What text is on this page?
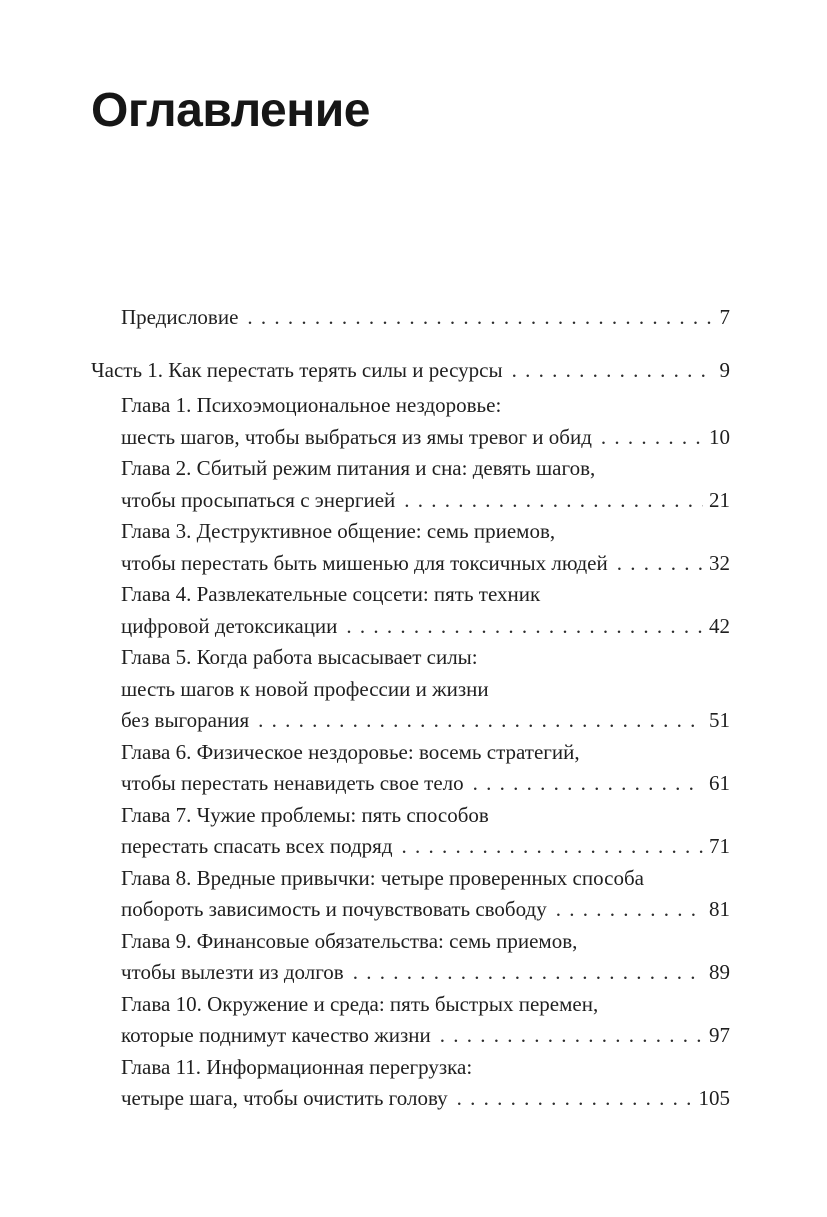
Оглавление
Предисловие . . .	7
Часть 1. Как перестать терять силы и ресурсы . . .	9
Глава 1. Психоэмоциональное нездоровье:
шесть шагов, чтобы выбраться из ямы тревог и обид . . .	10
Глава 2. Сбитый режим питания и сна: девять шагов,
чтобы просыпаться с энергией . . .	21
Глава 3. Деструктивное общение: семь приемов,
чтобы перестать быть мишенью для токсичных людей . . .	32
Глава 4. Развлекательные соцсети: пять техник
цифровой детоксикации . . .	42
Глава 5. Когда работа высасывает силы:
шесть шагов к новой профессии и жизни
без выгорания . . .	51
Глава 6. Физическое нездоровье: восемь стратегий,
чтобы перестать ненавидеть свое тело . . .	61
Глава 7. Чужие проблемы: пять способов
перестать спасать всех подряд . . .	71
Глава 8. Вредные привычки: четыре проверенных способа
побороть зависимость и почувствовать свободу . . .	81
Глава 9. Финансовые обязательства: семь приемов,
чтобы вылезти из долгов . . .	89
Глава 10. Окружение и среда: пять быстрых перемен,
которые поднимут качество жизни . . .	97
Глава 11. Информационная перегрузка:
четыре шага, чтобы очистить голову . . .	105
